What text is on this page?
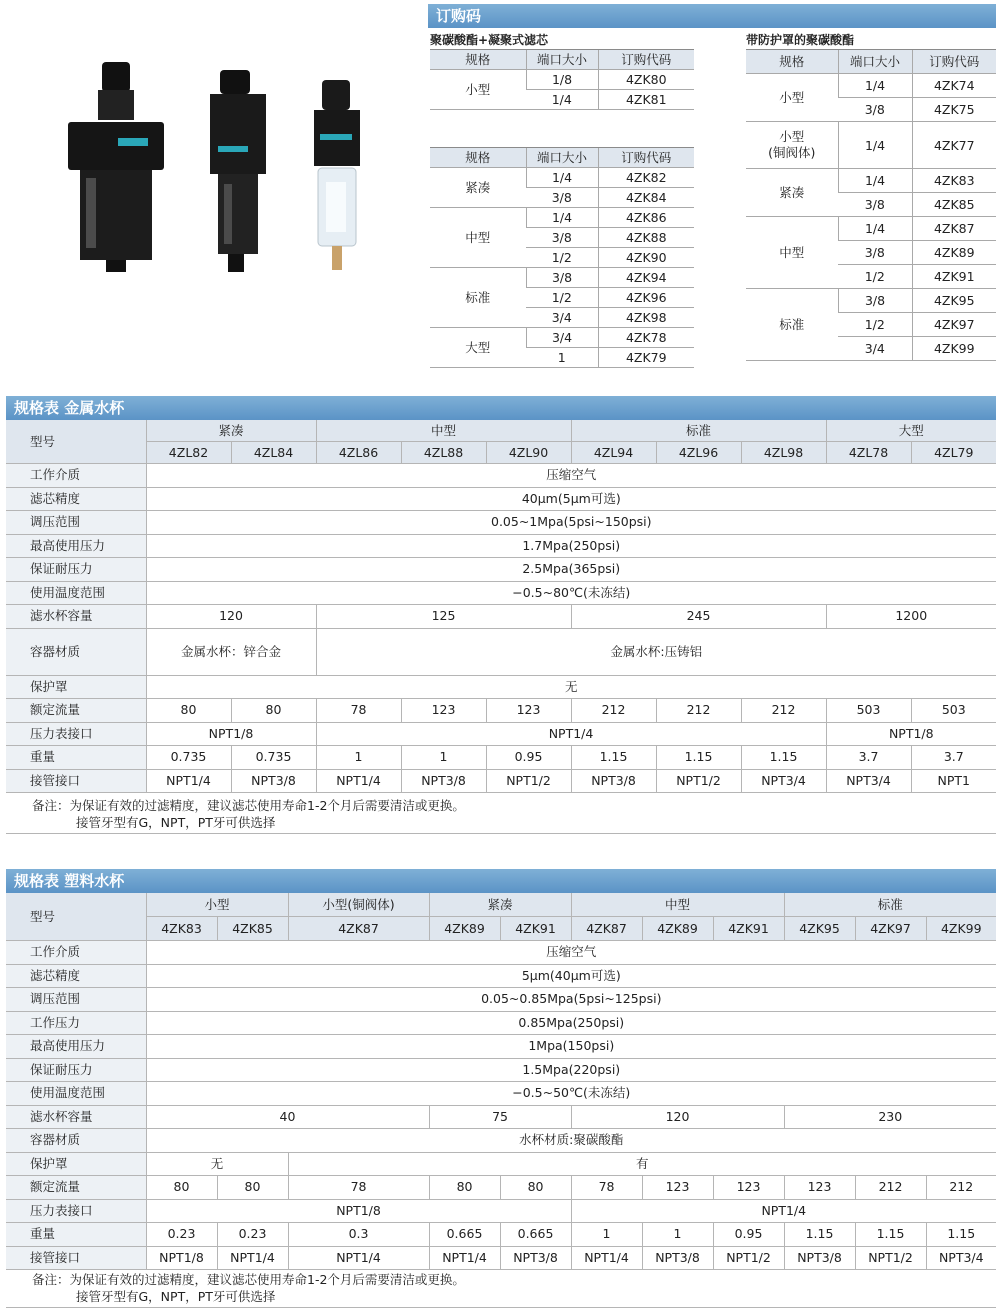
订购码
聚碳酸酯+凝聚式滤芯	带防护罩的聚碳酸酯
规格	端口大小	订购代码
小型	1/8	4ZK80
	1/4	4ZK81
规格	端口大小	订购代码
紧凑	1/4	4ZK82
	3/8	4ZK84
中型	1/4	4ZK86
	3/8	4ZK88
	1/2	4ZK90
标准	3/8	4ZK94
	1/2	4ZK96
	3/4	4ZK98
大型	3/4	4ZK78
	1	4ZK79
规格	端口大小	订购代码
小型	1/4	4ZK74
	3/8	4ZK75
小型
(铜阀体)	1/4	4ZK77
紧凑	1/4	4ZK83
	3/8	4ZK85
中型	1/4	4ZK87
	3/8	4ZK89
	1/2	4ZK91
标准	3/8	4ZK95
	1/2	4ZK97
	3/4	4ZK99
规格表 金属水杯
型号	紧凑		中型			标准			大型	
	4ZL82	4ZL84	4ZL86	4ZL88	4ZL90	4ZL94	4ZL96	4ZL98	4ZL78	4ZL79
工作介质	压缩空气									
滤芯精度	40μm(5μm可选)									
调压范围	0.05~1Mpa(5psi~150psi)									
最高使用压力	1.7Mpa(250psi)									
保证耐压力	2.5Mpa(365psi)									
使用温度范围	−0.5~80℃(未冻结)									
滤水杯容量	120		125			245			1200	
容器材质	金属水杯：锌合金		金属水杯:压铸铝							
保护罩	无									
额定流量	80	80	78	123	123	212	212	212	503	503
压力表接口	NPT1/8		NPT1/4						NPT1/8	
重量	0.735	0.735	1	1	0.95	1.15	1.15	1.15	3.7	3.7
接管接口	NPT1/4	NPT3/8	NPT1/4	NPT3/8	NPT1/2	NPT3/8	NPT1/2	NPT3/4	NPT3/4	NPT1
备注：为保证有效的过滤精度，建议滤芯使用寿命1-2个月后需要清洁或更换。
接管牙型有G，NPT，PT牙可供选择
规格表 塑料水杯
型号	小型		小型(铜阀体)	紧凑		中型			标准		
	4ZK83	4ZK85	4ZK87	4ZK89	4ZK91	4ZK87	4ZK89	4ZK91	4ZK95	4ZK97	4ZK99
工作介质	压缩空气										
滤芯精度	5μm(40μm可选)										
调压范围	0.05~0.85Mpa(5psi~125psi)										
工作压力	0.85Mpa(250psi)										
最高使用压力	1Mpa(150psi)										
保证耐压力	1.5Mpa(220psi)										
使用温度范围	−0.5~50℃(未冻结)										
滤水杯容量	40			75		120			230		
容器材质	水杯材质:聚碳酸酯										
保护罩	无		有								
额定流量	80	80	78	80	80	78	123	123	123	212	212
压力表接口	NPT1/8					NPT1/4					
重量	0.23	0.23	0.3	0.665	0.665	1	1	0.95	1.15	1.15	1.15
接管接口	NPT1/8	NPT1/4	NPT1/4	NPT1/4	NPT3/8	NPT1/4	NPT3/8	NPT1/2	NPT3/8	NPT1/2	NPT3/4
备注：为保证有效的过滤精度，建议滤芯使用寿命1-2个月后需要清洁或更换。
接管牙型有G，NPT，PT牙可供选择
